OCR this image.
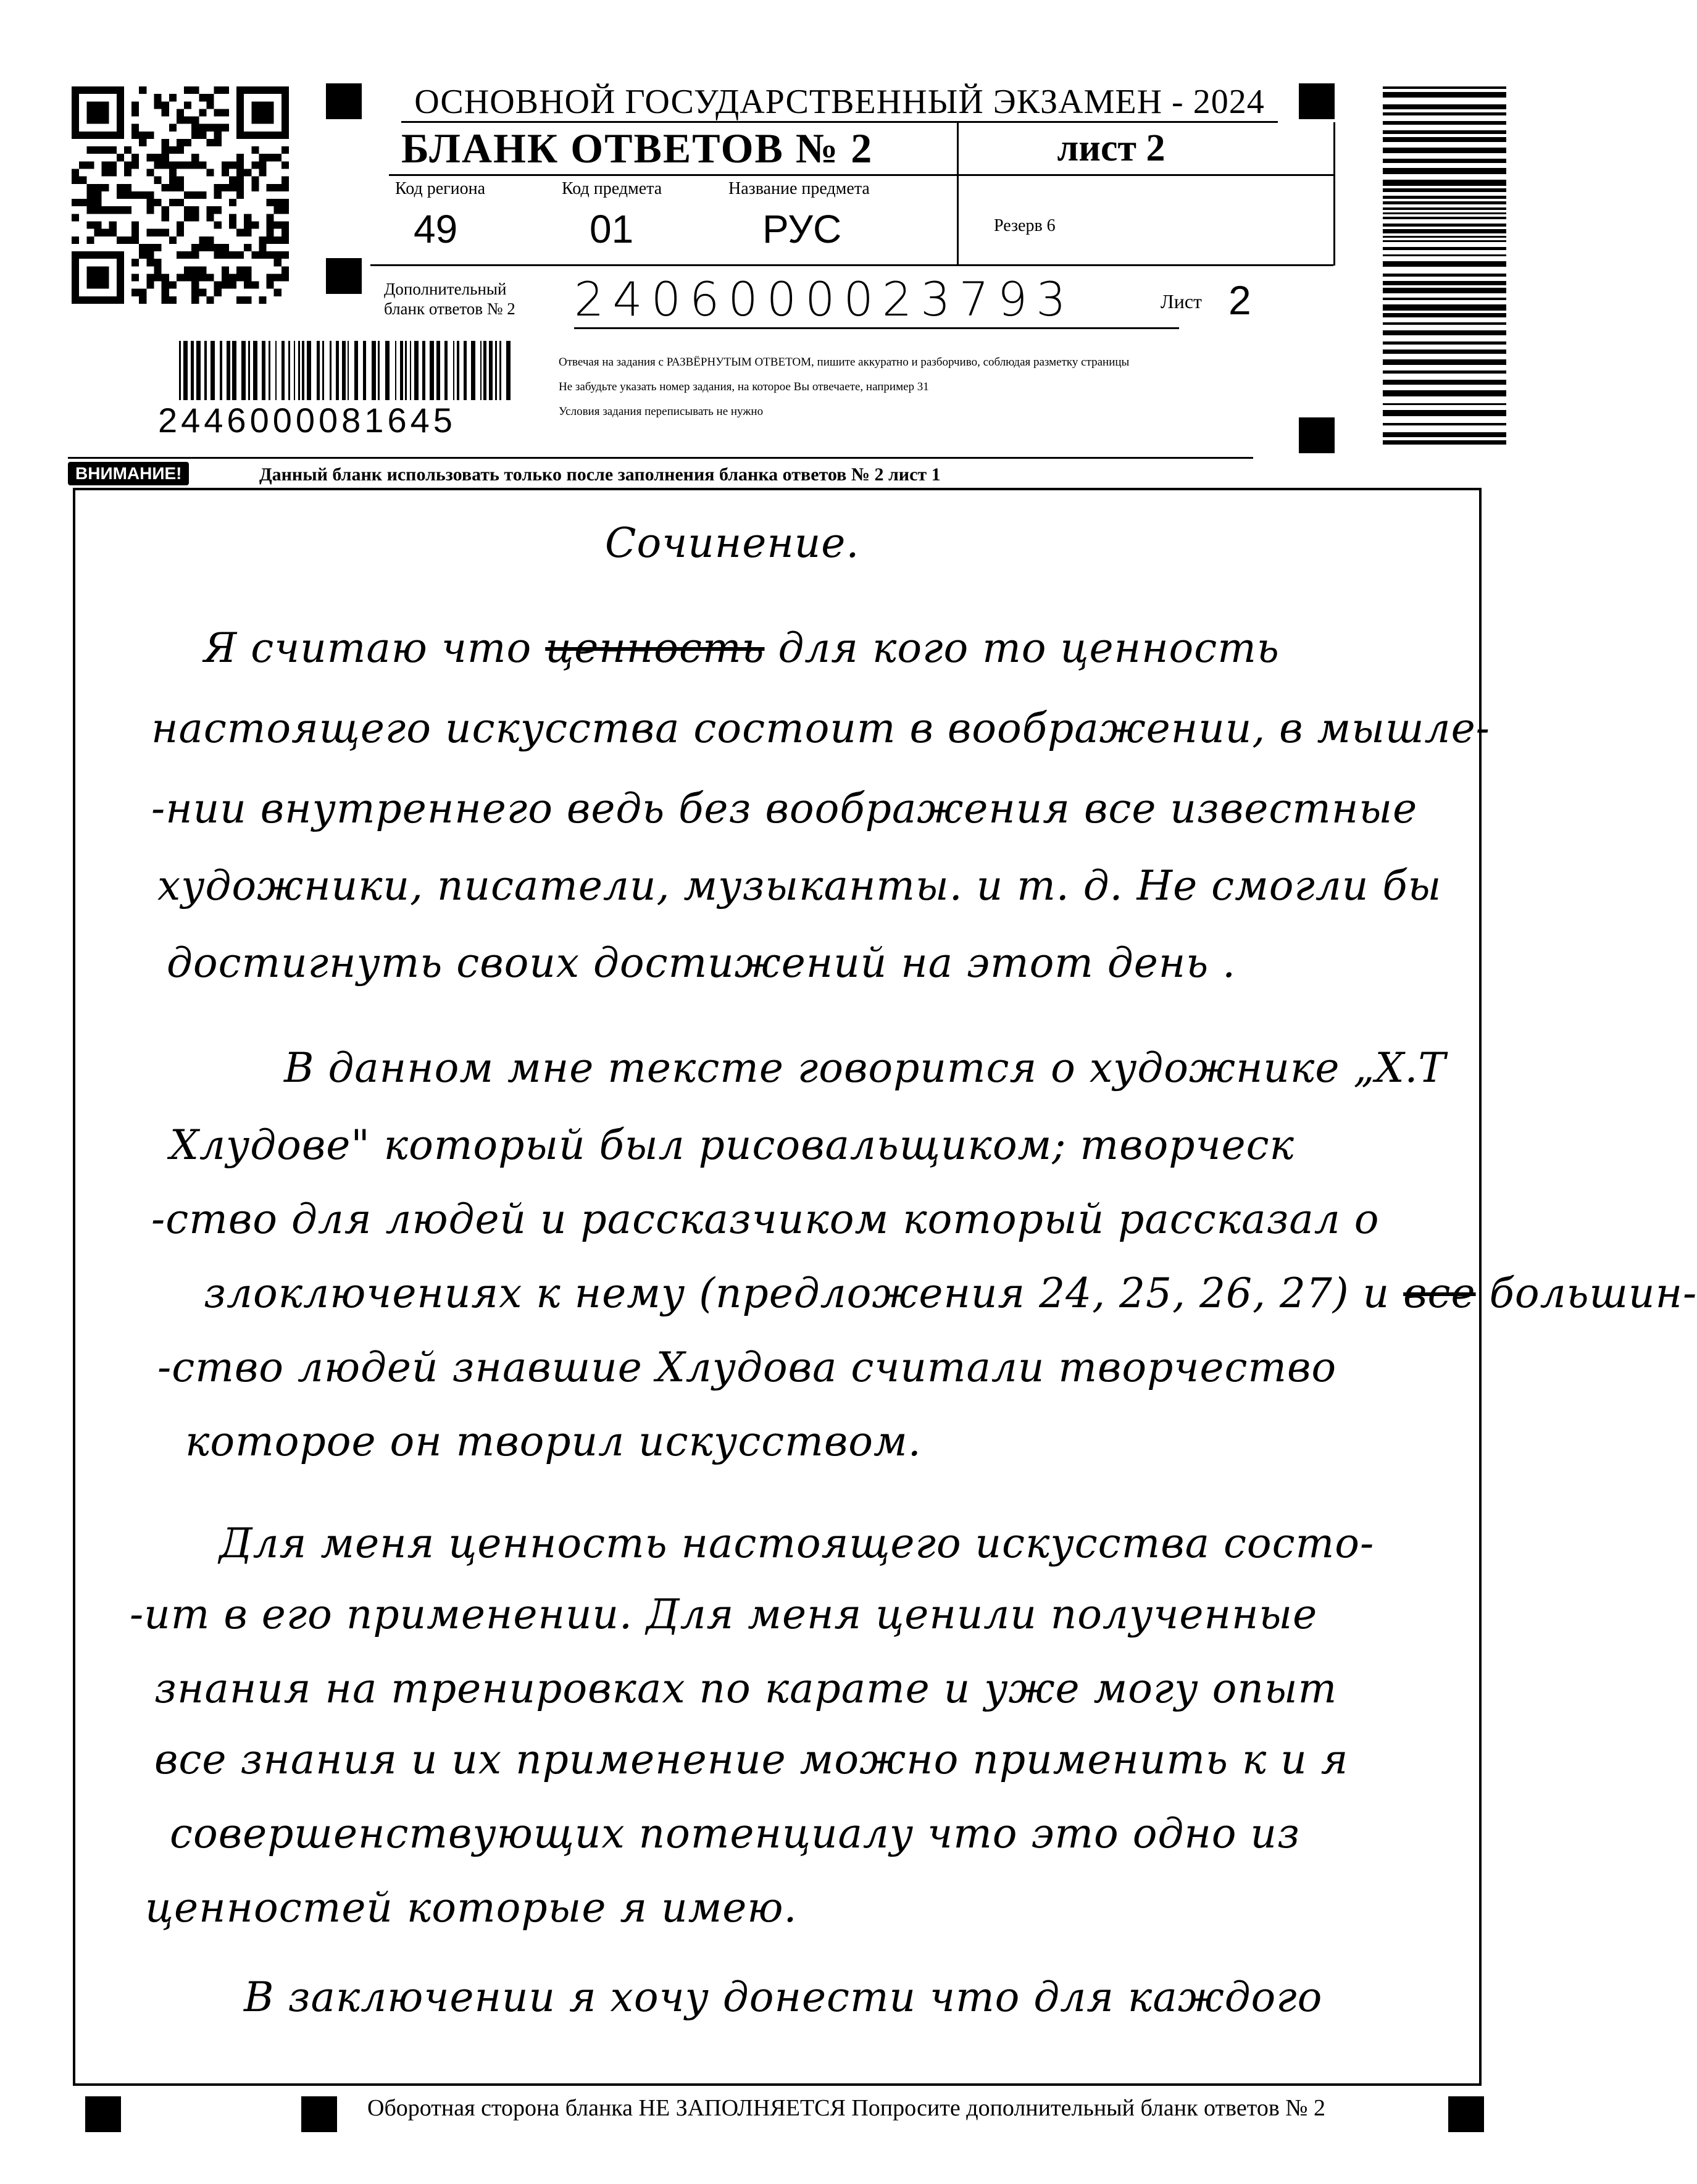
2446000081645
ОСНОВНОЙ ГОСУДАРСТВЕННЫЙ ЭКЗАМЕН - 2024
БЛАНК ОТВЕТОВ № 2	лист 2
Код региона	Код предмета	Название предмета
49	01	РУС	Резерв 6
Дополнительный
бланк ответов № 2 2406000023793	Лист 2
Отвечая на задания с РАЗВЁРНУТЫМ ОТВЕТОМ, пишите аккуратно и разборчиво, соблюдая разметку страницы
Не забудьте указать номер задания, на которое Вы отвечаете, например 31
Условия задания переписывать не нужно
ВНИМАНИЕ!	Данный бланк использовать только после заполнения бланка ответов № 2 лист 1
Сочинение.
Я считаю что ценность для кого то ценность
настоящего искусства состоит в воображении, в мышле-
-нии внутреннего ведь без воображения все известные
художники, писатели, музыканты. и т. д. Не смогли бы
достигнуть своих достижений на этот день .
В данном мне тексте говорится о художнике „Х.Т
Хлудове" который был рисовальщиком; творческ
-ство для людей и рассказчиком который рассказал о
злоключениях к нему (предложения 24, 25, 26, 27) и все большин-
-ство людей знавшие Хлудова считали творчество
которое он творил искусством.
Для меня ценность настоящего искусства состо-
-ит в его применении. Для меня ценили полученные
знания на тренировках по карате и уже могу опыт
все знания и их применение можно применить к и я
совершенствующих потенциалу что это одно из
ценностей которые я имею.
В заключении я хочу донести что для каждого
Оборотная сторона бланка НЕ ЗАПОЛНЯЕТСЯ Попросите дополнительный бланк ответов № 2
